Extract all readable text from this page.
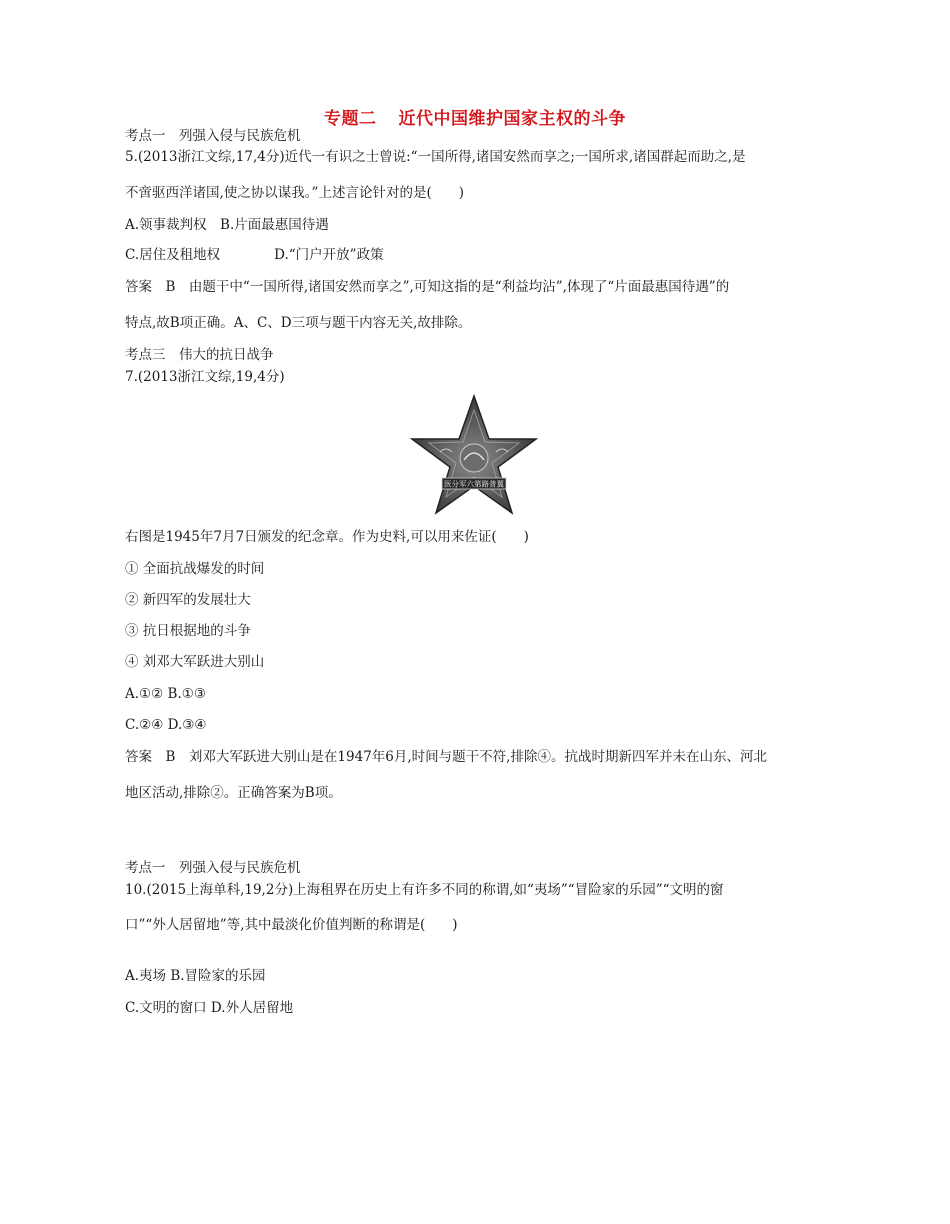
专题二 近代中国维护国家主权的斗争
考点一　列强入侵与民族危机
5.(2013浙江文综,17,4分)近代一有识之士曾说:“一国所得,诸国安然而享之;一国所求,诸国群起而助之,是
不啻驱西洋诸国,使之协以谋我。”上述言论针对的是(　　)
A.领事裁判权　B.片面最惠国待遇
C.居住及租地权　　　　D.“门户开放”政策
答案　B　由题干中“一国所得,诸国安然而享之”,可知这指的是“利益均沾”,体现了“片面最惠国待遇”的
特点,故B项正确。A、C、D三项与题干内容无关,故排除。
考点三　伟大的抗日战争
7.(2013浙江文综,19,4分)
医分军六第路普翼
右图是1945年7月7日颁发的纪念章。作为史料,可以用来佐证(　　)
① 全面抗战爆发的时间
② 新四军的发展壮大
③ 抗日根据地的斗争
④ 刘邓大军跃进大别山
A.①② B.①③
C.②④ D.③④
答案　B　刘邓大军跃进大别山是在1947年6月,时间与题干不符,排除④。抗战时期新四军并未在山东、河北
地区活动,排除②。正确答案为B项。
考点一　列强入侵与民族危机
10.(2015上海单科,19,2分)上海租界在历史上有许多不同的称谓,如“夷场”“冒险家的乐园”“文明的窗
口”“外人居留地”等,其中最淡化价值判断的称谓是(　　)
A.夷场 B.冒险家的乐园
C.文明的窗口 D.外人居留地
